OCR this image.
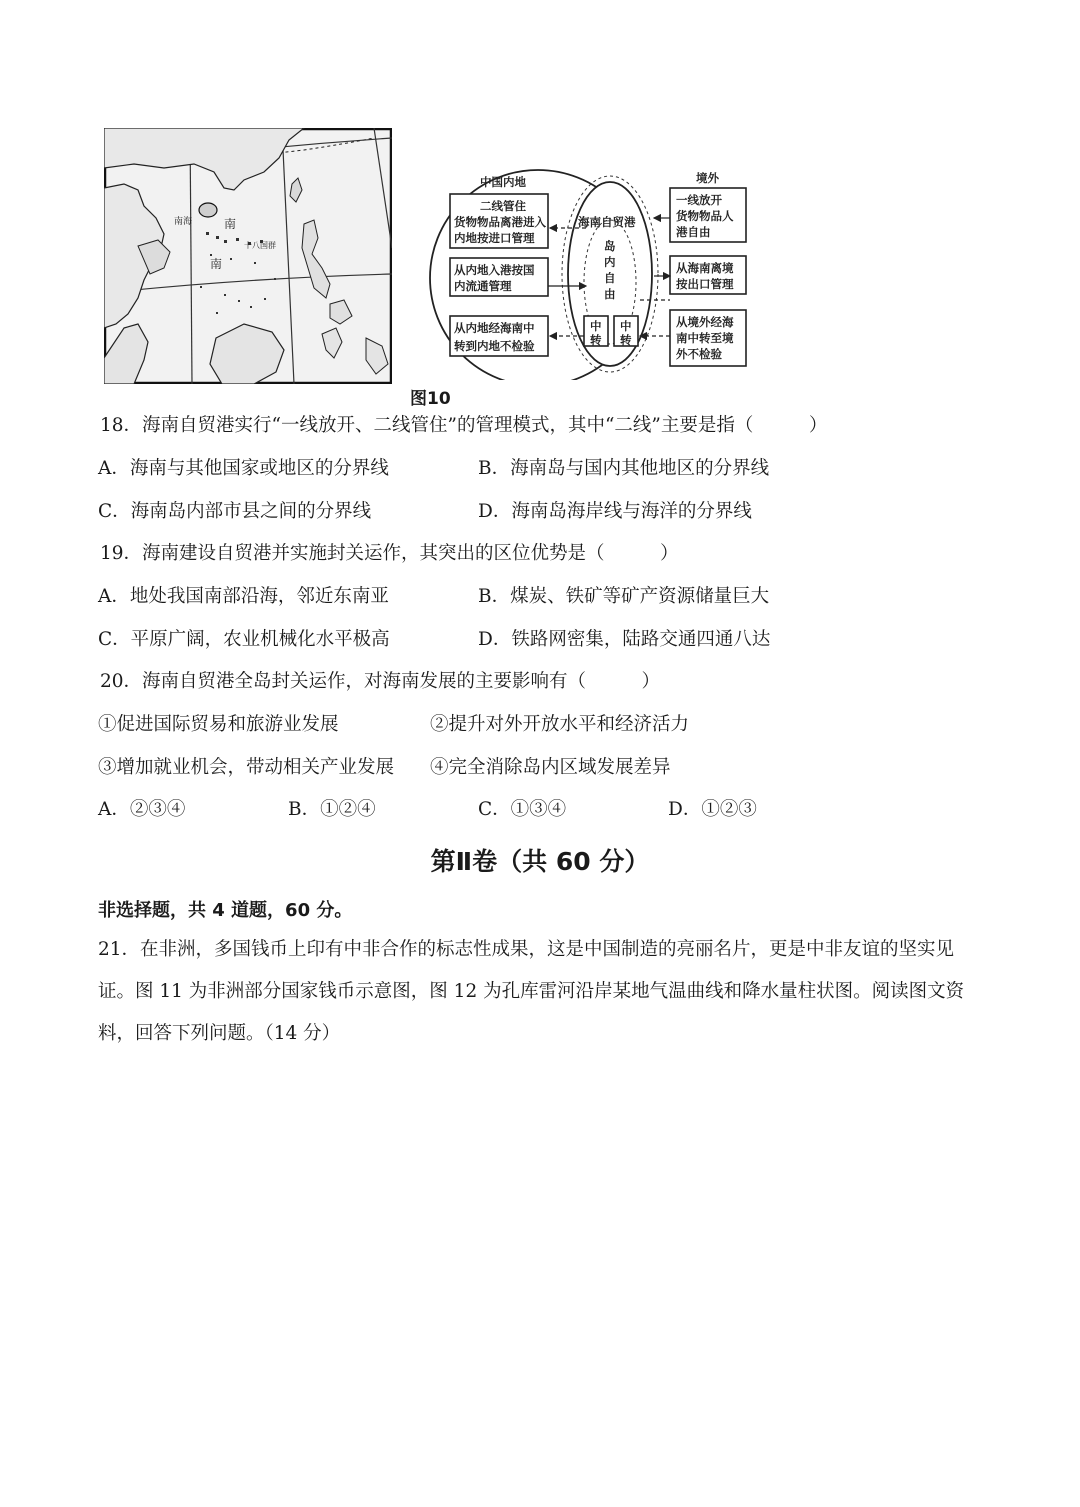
南海	南
南
十八国群
中国内地	境外
海南自贸港
岛
内
自
由
中
转
中
转
二线管住
货物物品离港进入
内地按进口管理
从内地入港按国
内流通管理
从内地经海南中
转到内地不检验
一线放开
货物物品人
港自由
从海南离境
按出口管理
从境外经海
南中转至境
外不检验
图10
18．海南自贸港实行“一线放开、二线管住”的管理模式，其中“二线”主要是指（　　　）
A．海南与其他国家或地区的分界线	B．海南岛与国内其他地区的分界线
C．海南岛内部市县之间的分界线	D．海南岛海岸线与海洋的分界线
19．海南建设自贸港并实施封关运作，其突出的区位优势是（　　　）
A．地处我国南部沿海，邻近东南亚	B．煤炭、铁矿等矿产资源储量巨大
C．平原广阔，农业机械化水平极高	D．铁路网密集，陆路交通四通八达
20．海南自贸港全岛封关运作，对海南发展的主要影响有（　　　）
①促进国际贸易和旅游业发展	②提升对外开放水平和经济活力
③增加就业机会，带动相关产业发展 ④完全消除岛内区域发展差异
A．②③④	B．①②④	C．①③④	D．①②③
第Ⅱ卷（共 60 分）
非选择题，共 4 道题，60 分。
21．在非洲，多国钱币上印有中非合作的标志性成果，这是中国制造的亮丽名片，更是中非友谊的坚实见证。图 11 为非洲部分国家钱币示意图，图 12 为孔库雷河沿岸某地气温曲线和降水量柱状图。阅读图文资料，回答下列问题。（14 分）
